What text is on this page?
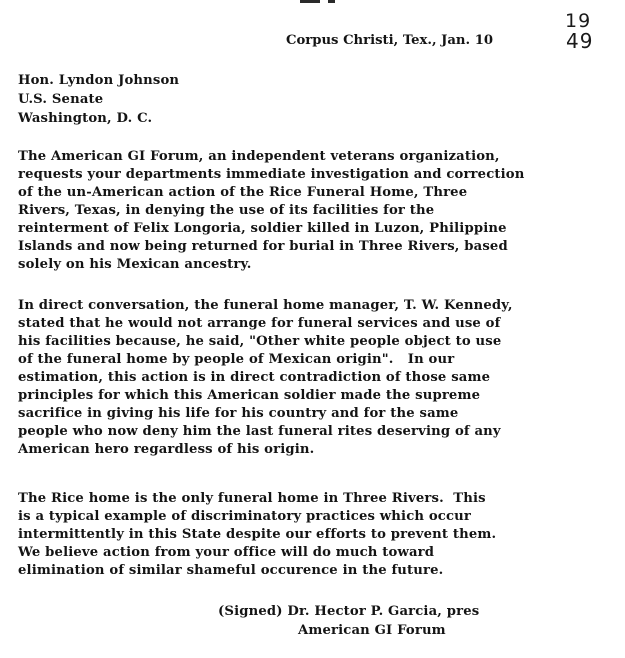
Corpus Christi, Tex., Jan. 10
19
49
Hon. Lyndon Johnson
U.S. Senate
Washington, D. C.
The American GI Forum, an independent veterans organization,
requests your departments immediate investigation and correction
of the un-American action of the Rice Funeral Home, Three
Rivers, Texas, in denying the use of its facilities for the
reinterment of Felix Longoria, soldier killed in Luzon, Philippine
Islands and now being returned for burial in Three Rivers, based
solely on his Mexican ancestry.
In direct conversation, the funeral home manager, T. W. Kennedy,
stated that he would not arrange for funeral services and use of
his facilities because, he said, "Other white people object to use
of the funeral home by people of Mexican origin".   In our
estimation, this action is in direct contradiction of those same
principles for which this American soldier made the supreme
sacrifice in giving his life for his country and for the same
people who now deny him the last funeral rites deserving of any
American hero regardless of his origin.
The Rice home is the only funeral home in Three Rivers.  This
is a typical example of discriminatory practices which occur
intermittently in this State despite our efforts to prevent them.
We believe action from your office will do much toward
elimination of similar shameful occurence in the future.
(Signed) Dr. Hector P. Garcia, pres
American GI Forum
